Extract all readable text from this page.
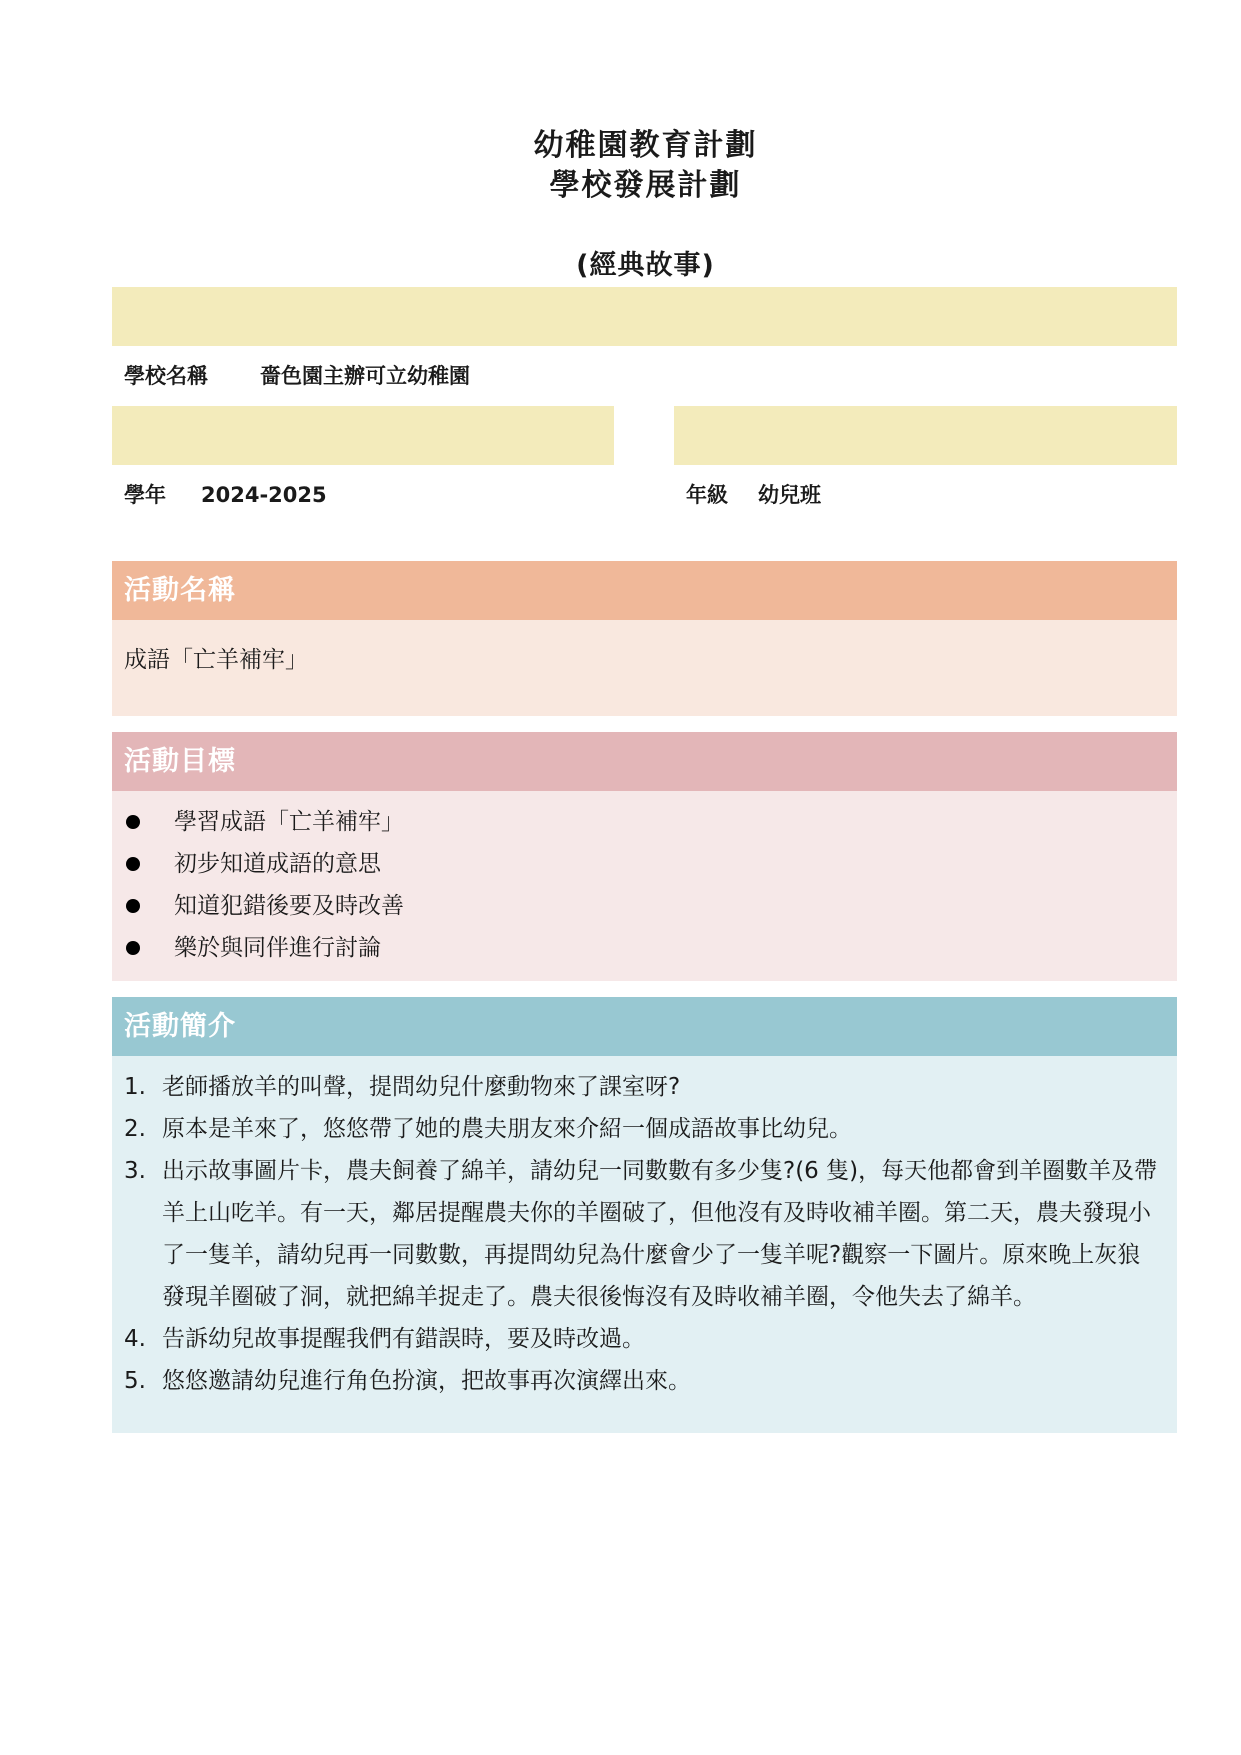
幼稚園教育計劃
學校發展計劃
(經典故事)
學校名稱 嗇色園主辦可立幼稚園
學年 2024-2025	年級 幼兒班
活動名稱
成語「亡羊補牢」
活動目標
學習成語「亡羊補牢」
初步知道成語的意思
知道犯錯後要及時改善
樂於與同伴進行討論
活動簡介
1. 老師播放羊的叫聲，提問幼兒什麼動物來了課室呀?
2. 原本是羊來了，悠悠帶了她的農夫朋友來介紹一個成語故事比幼兒。
3. 出示故事圖片卡，農夫飼養了綿羊，請幼兒一同數數有多少隻?(6 隻)，每天他都會到羊圈數羊及帶羊上山吃羊。有一天，鄰居提醒農夫你的羊圈破了，但他沒有及時收補羊圈。第二天，農夫發現小了一隻羊，請幼兒再一同數數，再提問幼兒為什麼會少了一隻羊呢?觀察一下圖片。原來晚上灰狼發現羊圈破了洞，就把綿羊捉走了。農夫很後悔沒有及時收補羊圈，令他失去了綿羊。
4. 告訴幼兒故事提醒我們有錯誤時，要及時改過。
5. 悠悠邀請幼兒進行角色扮演，把故事再次演繹出來。
